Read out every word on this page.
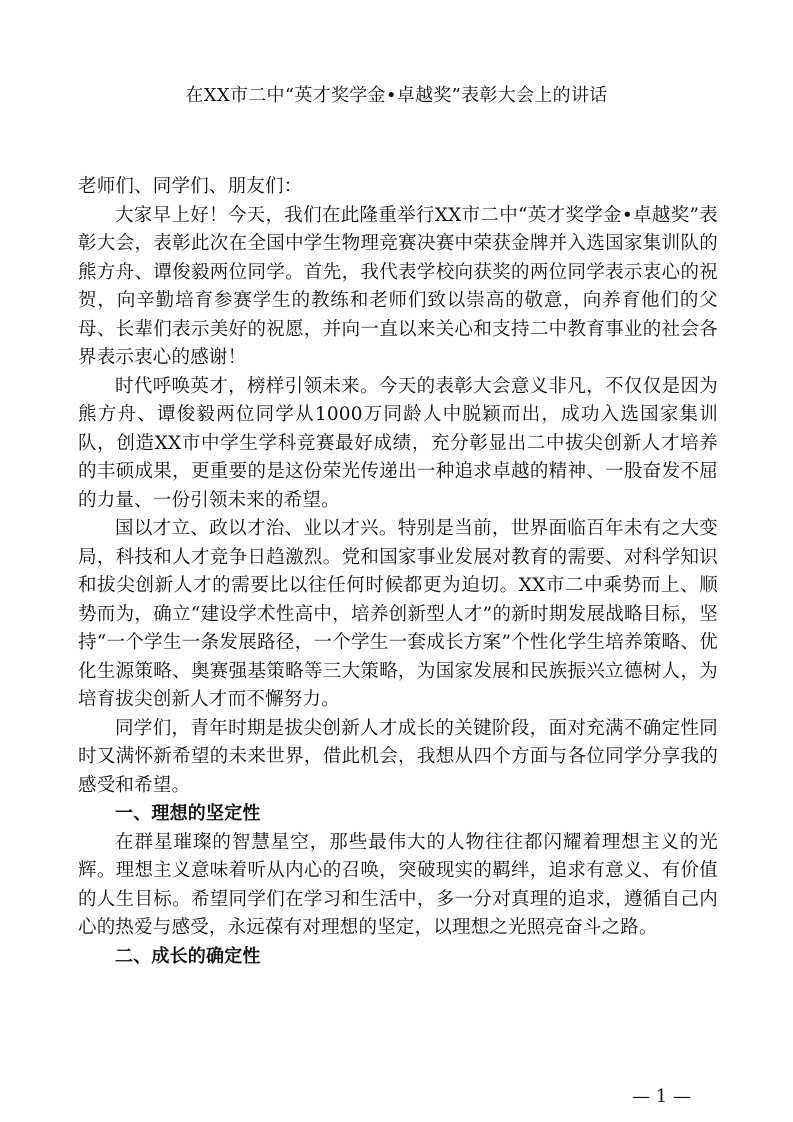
在XX市二中“英才奖学金•卓越奖”表彰大会上的讲话

老师们、同学们、朋友们：

大家早上好！今天，我们在此隆重举行XX市二中“英才奖学金•卓越奖”表彰大会，表彰此次在全国中学生物理竞赛决赛中荣获金牌并入选国家集训队的熊方舟、谭俊毅两位同学。首先，我代表学校向获奖的两位同学表示衷心的祝贺，向辛勤培育参赛学生的教练和老师们致以崇高的敬意，向养育他们的父母、长辈们表示美好的祝愿，并向一直以来关心和支持二中教育事业的社会各界表示衷心的感谢！

时代呼唤英才，榜样引领未来。今天的表彰大会意义非凡，不仅仅是因为熊方舟、谭俊毅两位同学从1000万同龄人中脱颖而出，成功入选国家集训队，创造XX市中学生学科竞赛最好成绩，充分彰显出二中拔尖创新人才培养的丰硕成果，更重要的是这份荣光传递出一种追求卓越的精神、一股奋发不屈的力量、一份引领未来的希望。

国以才立、政以才治、业以才兴。特别是当前，世界面临百年未有之大变局，科技和人才竞争日趋激烈。党和国家事业发展对教育的需要、对科学知识和拔尖创新人才的需要比以往任何时候都更为迫切。XX市二中乘势而上、顺势而为，确立“建设学术性高中，培养创新型人才”的新时期发展战略目标，坚持“一个学生一条发展路径，一个学生一套成长方案”个性化学生培养策略、优化生源策略、奥赛强基策略等三大策略，为国家发展和民族振兴立德树人，为培育拔尖创新人才而不懈努力。

同学们，青年时期是拔尖创新人才成长的关键阶段，面对充满不确定性同时又满怀新希望的未来世界，借此机会，我想从四个方面与各位同学分享我的感受和希望。

一、理想的坚定性

在群星璀璨的智慧星空，那些最伟大的人物往往都闪耀着理想主义的光辉。理想主义意味着听从内心的召唤，突破现实的羁绊，追求有意义、有价值的人生目标。希望同学们在学习和生活中，多一分对真理的追求，遵循自己内心的热爱与感受，永远葆有对理想的坚定，以理想之光照亮奋斗之路。

二、成长的确定性

— 1 —
